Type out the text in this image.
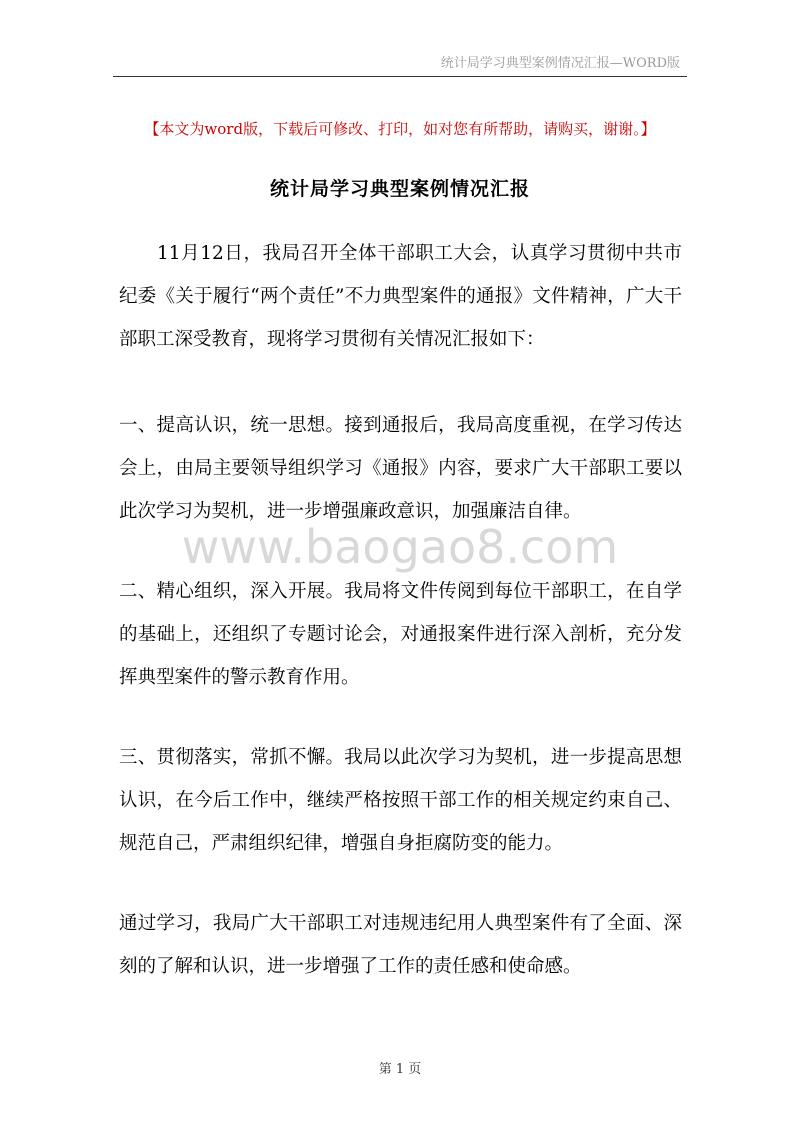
统计局学习典型案例情况汇报—WORD版
【本文为word版，下载后可修改、打印，如对您有所帮助，请购买，谢谢。】
统计局学习典型案例情况汇报

11月12日，我局召开全体干部职工大会，认真学习贯彻中共市纪委《关于履行“两个责任”不力典型案件的通报》文件精神，广大干部职工深受教育，现将学习贯彻有关情况汇报如下：

一、提高认识，统一思想。接到通报后，我局高度重视，在学习传达会上，由局主要领导组织学习《通报》内容，要求广大干部职工要以此次学习为契机，进一步增强廉政意识，加强廉洁自律。

二、精心组织，深入开展。我局将文件传阅到每位干部职工，在自学的基础上，还组织了专题讨论会，对通报案件进行深入剖析，充分发挥典型案件的警示教育作用。

三、贯彻落实，常抓不懈。我局以此次学习为契机，进一步提高思想认识，在今后工作中，继续严格按照干部工作的相关规定约束自己、规范自己，严肃组织纪律，增强自身拒腐防变的能力。

通过学习，我局广大干部职工对违规违纪用人典型案件有了全面、深刻的了解和认识，进一步增强了工作的责任感和使命感。

www.baogao8.com
第 1 页
